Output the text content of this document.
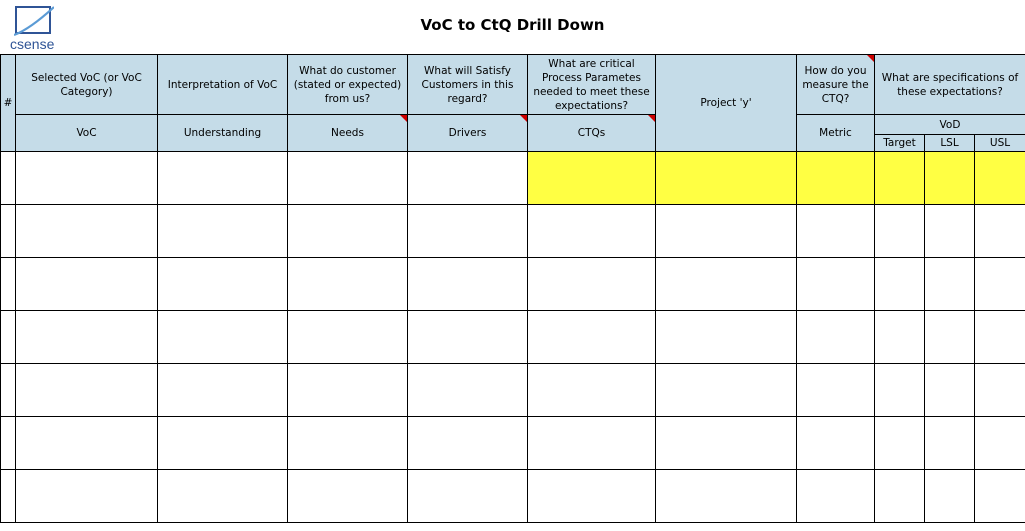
csense
VoC to CtQ Drill Down
#	Selected VoC (or VoC Category)	Interpretation of VoC	What do customer (stated or expected) from us?	What will Satisfy Customers in this regard?	What are critical Process Parametes needed to meet these expectations?	Project 'y'	How do you measure the CTQ?	What are specifications of these expectations?		
	VoC	Understanding	Needs	Drivers	CTQs		Metric	VoD		
								Target	LSL	USL
